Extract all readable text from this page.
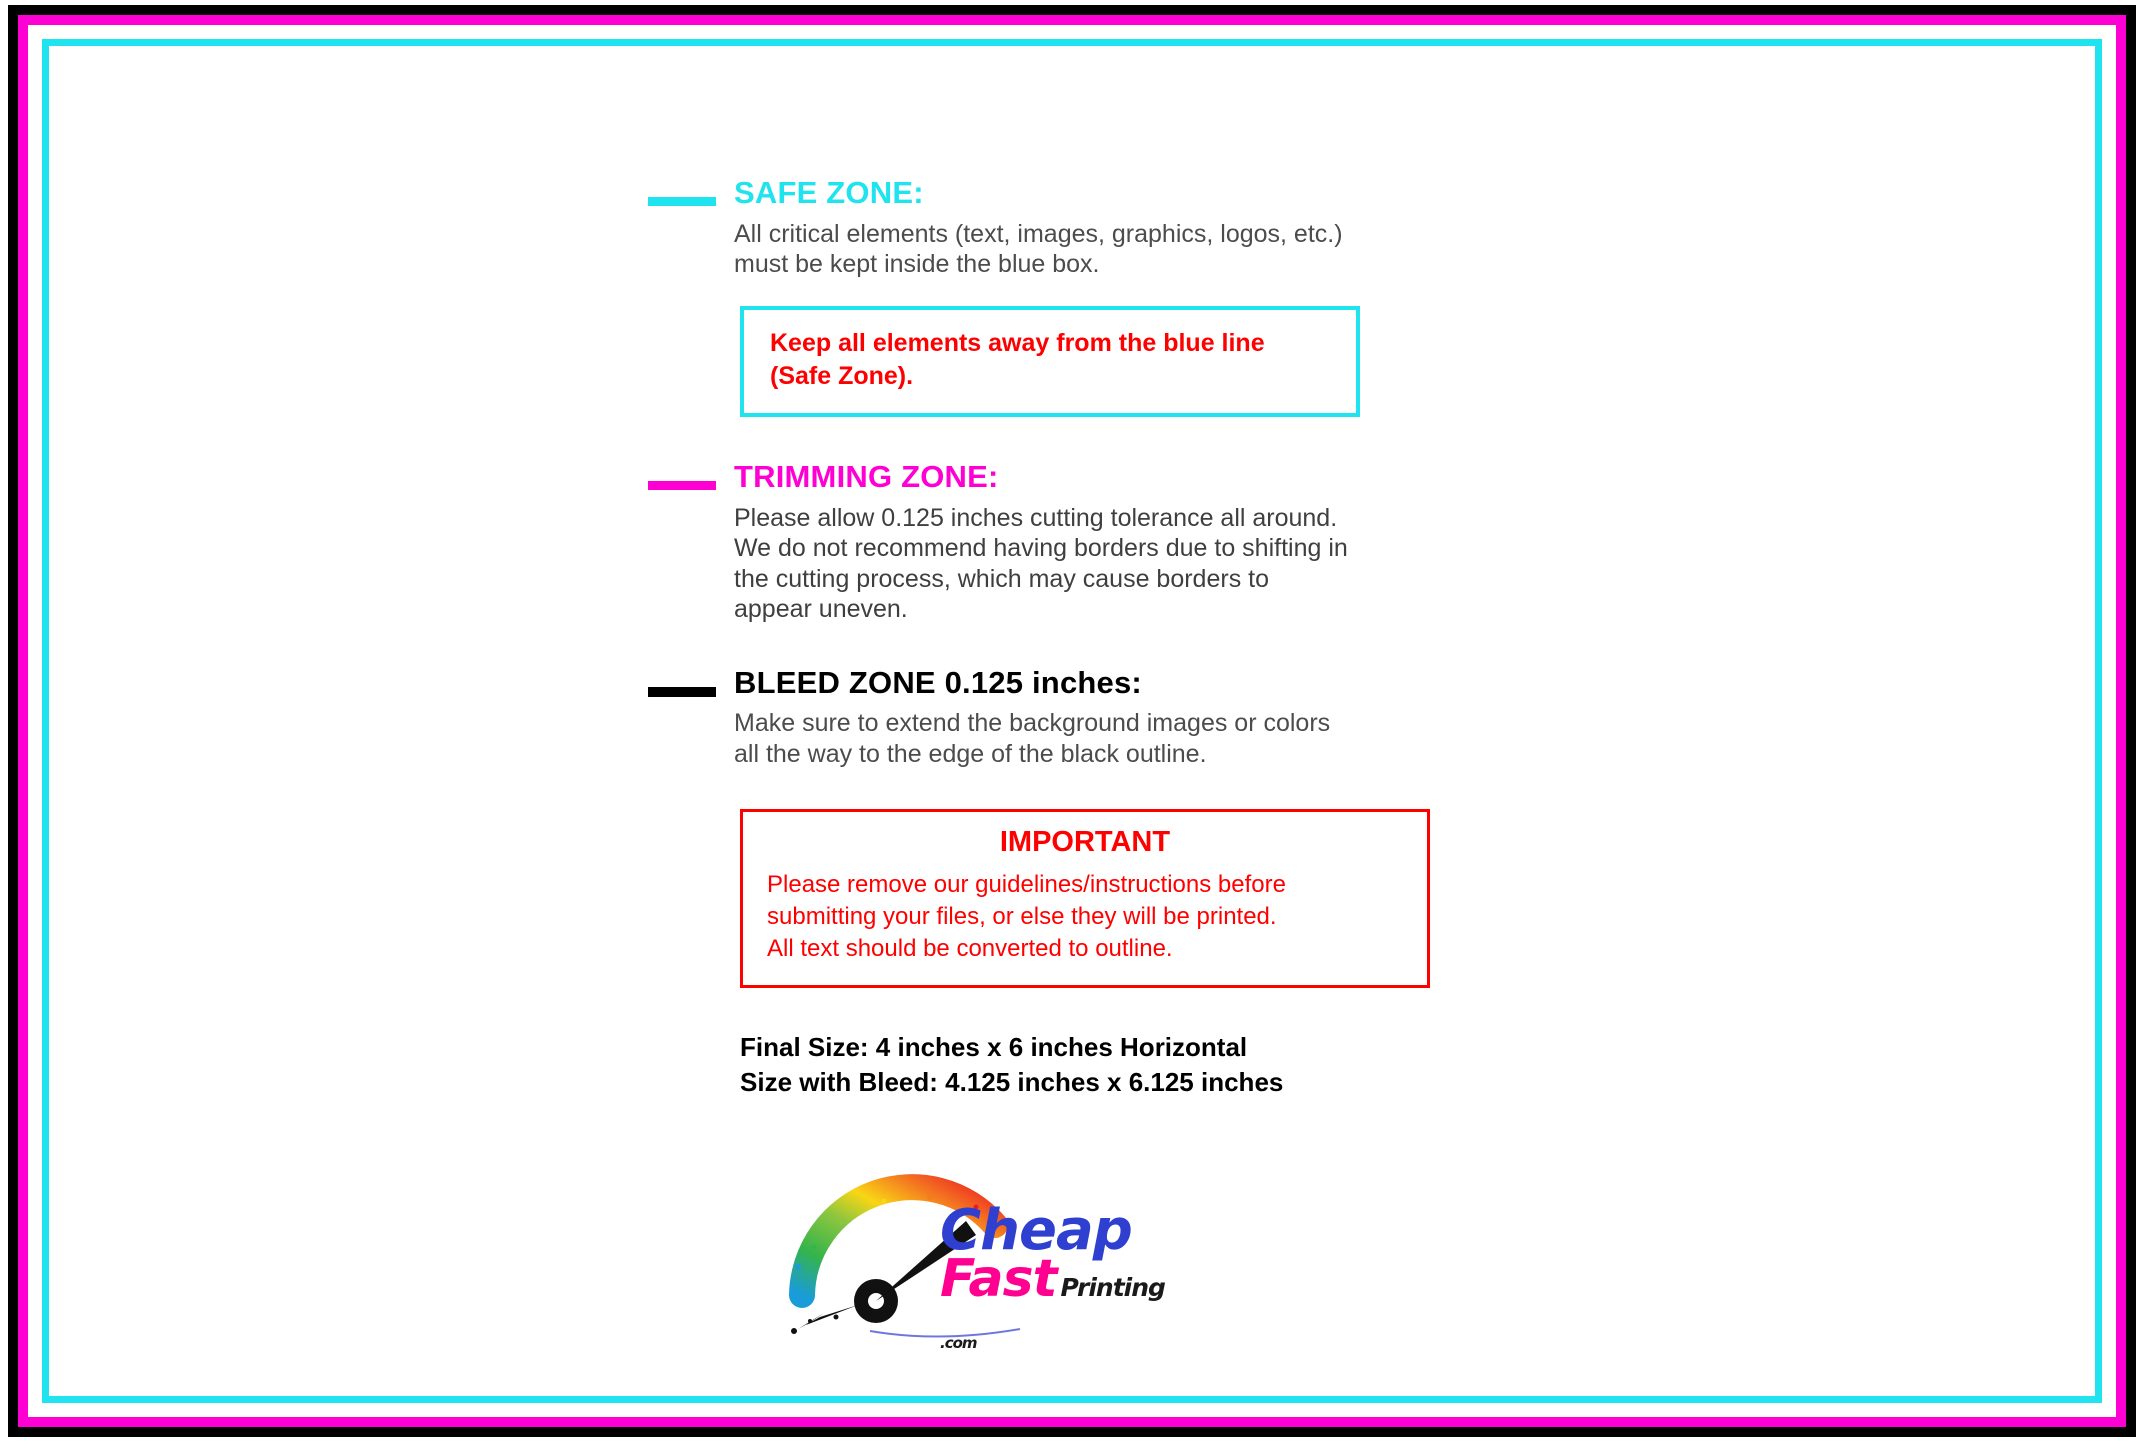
SAFE ZONE:

All critical elements (text, images, graphics, logos, etc.)

must be kept inside the blue box.

Keep all elements away from the blue line

(Safe Zone).

TRIMMING ZONE:

Please allow 0.125 inches cutting tolerance all around.

We do not recommend having borders due to shifting in

the cutting process, which may cause borders to

appear uneven.

BLEED ZONE 0.125 inches:

Make sure to extend the background images or colors

all the way to the edge of the black outline.

IMPORTANT

Please remove our guidelines/instructions before

submitting your files, or else they will be printed.

All text should be converted to outline.

Final Size: 4 inches x 6 inches Horizontal
Size with Bleed: 4.125 inches x 6.125 inches
Cheap
Fast Printing.com
